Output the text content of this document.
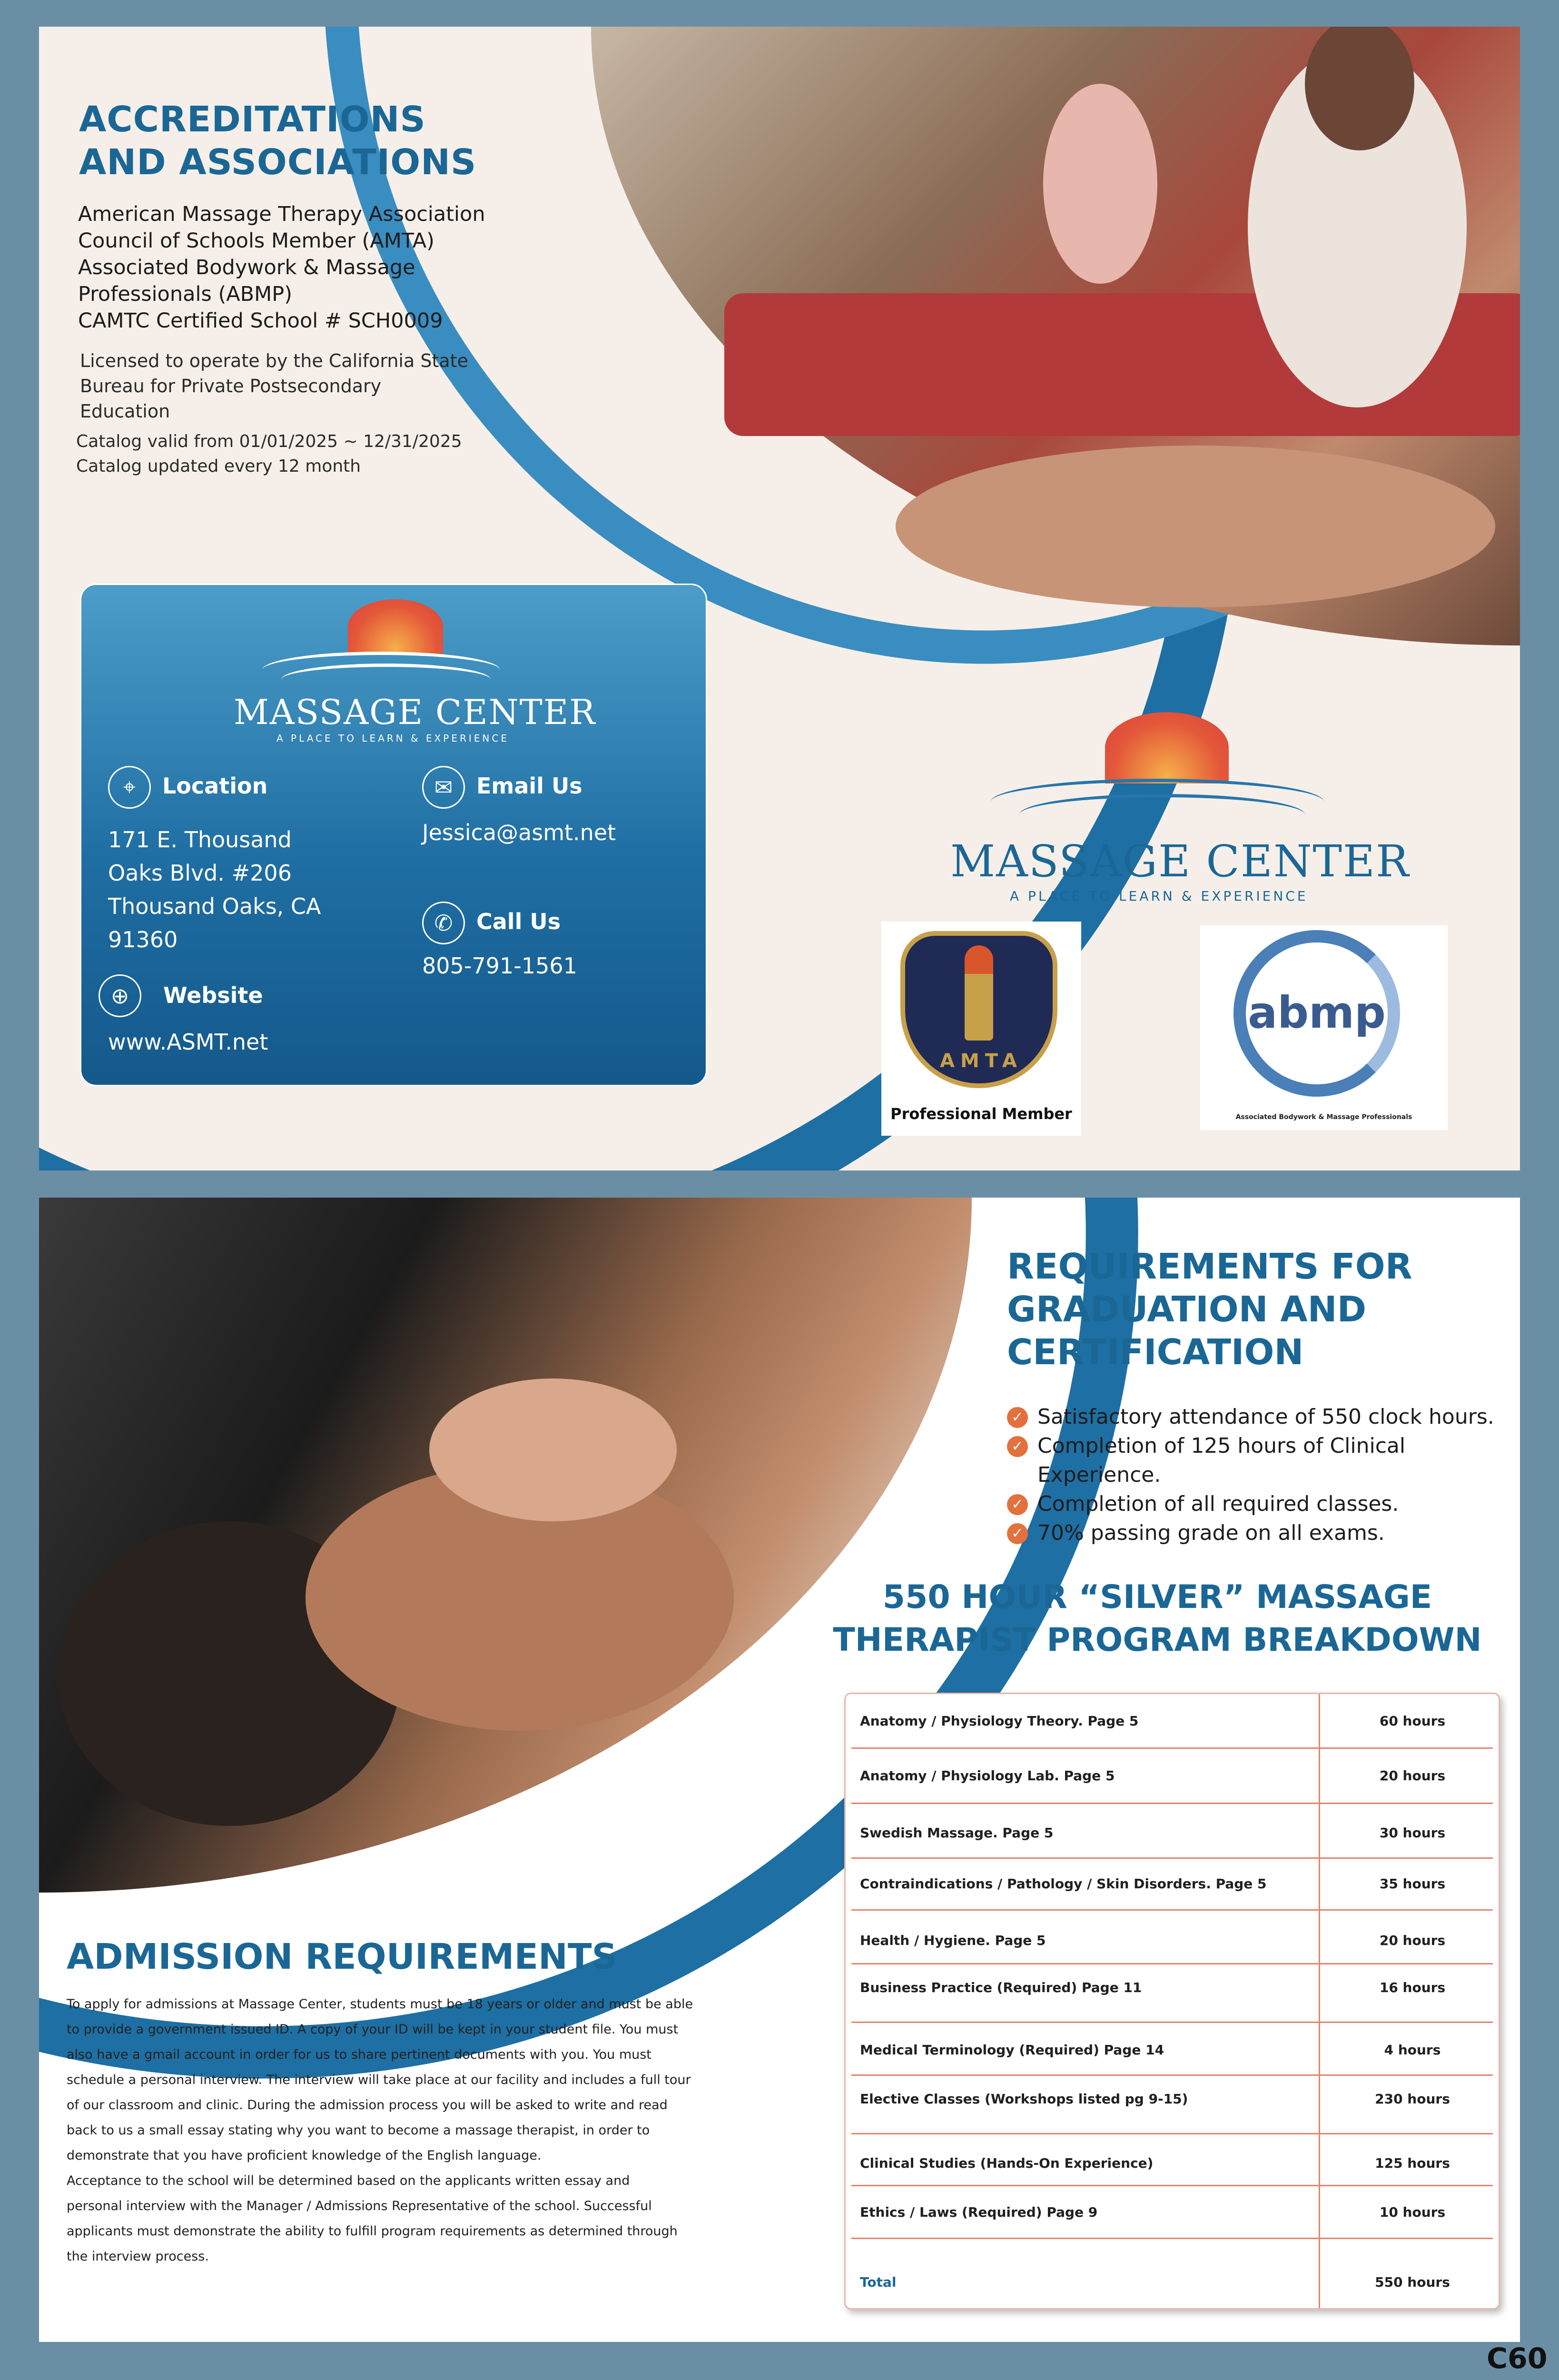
ACCREDITATIONS
AND ASSOCIATIONS
American Massage Therapy Association
Council of Schools Member (AMTA)
Associated Bodywork & Massage
Professionals (ABMP)
CAMTC Certified School # SCH0009
Licensed to operate by the California State
Bureau for Private Postsecondary
Education
Catalog valid from 01/01/2025 ~ 12/31/2025
Catalog updated every 12 month
MASSAGE CENTER
A PLACE TO LEARN & EXPERIENCE
⌖	Location
171 E. Thousand
Oaks Blvd. #206
Thousand Oaks, CA
91360
⊕	Website
www.ASMT.net
✉	Email Us
Jessica@asmt.net
✆	Call Us
805-791-1561
MASSAGE CENTER
A PLACE TO LEARN & EXPERIENCE
AMTA
Professional Member
abmp
Associated Bodywork & Massage Professionals
REQUIREMENTS FOR
GRADUATION AND
CERTIFICATION
✓ Satisfactory attendance of 550 clock hours.
✓ Completion of 125 hours of Clinical
Experience.
✓ Completion of all required classes.
✓ 70% passing grade on all exams.
550 HOUR “SILVER” MASSAGE
THERAPIST PROGRAM BREAKDOWN
Anatomy / Physiology Theory. Page 5	60 hours
Anatomy / Physiology Lab. Page 5	20 hours
Swedish Massage. Page 5	30 hours
Contraindications / Pathology / Skin Disorders. Page 5	35 hours
Health / Hygiene. Page 5	20 hours
Business Practice (Required) Page 11	16 hours
Medical Terminology (Required) Page 14	4 hours
Elective Classes (Workshops listed pg 9-15)	230 hours
Clinical Studies (Hands-On Experience)	125 hours
Ethics / Laws (Required) Page 9	10 hours
Total	550 hours
ADMISSION REQUIREMENTS

To apply for admissions at Massage Center, students must be 18 years or older and must be able

to provide a government issued ID. A copy of your ID will be kept in your student file. You must

also have a gmail account in order for us to share pertinent documents with you. You must

schedule a personal interview. The interview will take place at our facility and includes a full tour

of our classroom and clinic. During the admission process you will be asked to write and read

back to us a small essay stating why you want to become a massage therapist, in order to

demonstrate that you have proficient knowledge of the English language.

Acceptance to the school will be determined based on the applicants written essay and

personal interview with the Manager / Admissions Representative of the school. Successful

applicants must demonstrate the ability to fulfill program requirements as determined through

the interview process.

C60
